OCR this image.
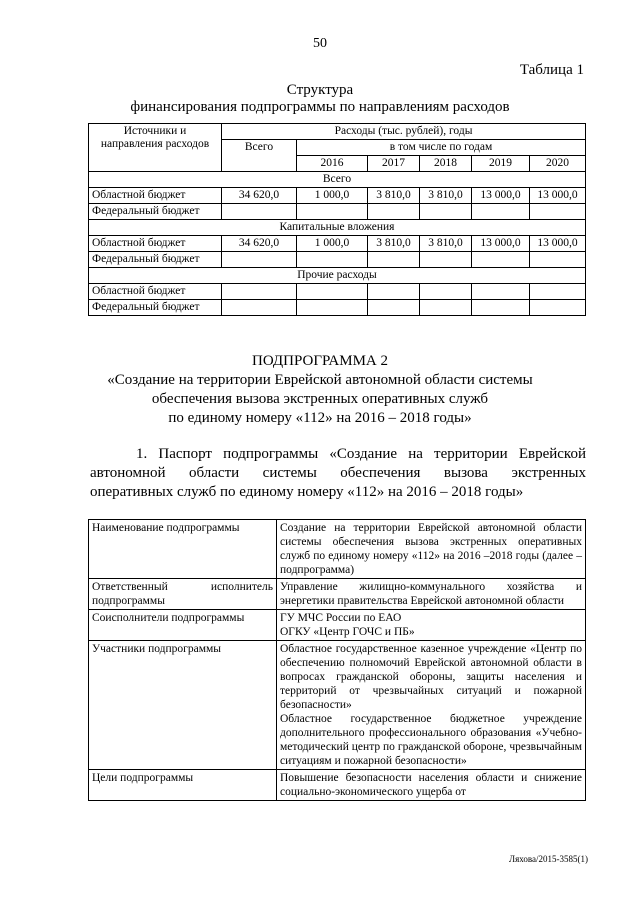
50
Таблица 1
Структура
финансирования подпрограммы по направлениям расходов
Источники и направления расходов	Расходы (тыс. рублей), годы					
	Всего	в том числе по годам				
		2016	2017	2018	2019	2020
Всего						
Областной бюджет	34 620,0	1 000,0	3 810,0	3 810,0	13 000,0	13 000,0
Федеральный бюджет						
Капитальные вложения						
Областной бюджет	34 620,0	1 000,0	3 810,0	3 810,0	13 000,0	13 000,0
Федеральный бюджет						
Прочие расходы						
Областной бюджет						
Федеральный бюджет						
ПОДПРОГРАММА 2
«Создание на территории Еврейской автономной области системы
обеспечения вызова экстренных оперативных служб
по единому номеру «112» на 2016 – 2018 годы»

1. Паспорт подпрограммы «Создание на территории Еврейской

автономной области системы обеспечения вызова экстренных

оперативных служб по единому номеру «112» на 2016 – 2018 годы»

Наименование подпрограммы	Создание на территории Еврейской автономной области системы обеспечения вызова экстренных оперативных служб по единому номеру «112» на 2016 –2018 годы (далее – подпрограмма)

Ответственный исполнитель подпрограммы	Управление жилищно-коммунального хозяйства и энергетики правительства Еврейской автономной области

Соисполнители подпрограммы	ГУ МЧС России по ЕАО
ОГКУ «Центр ГОЧС и ПБ»

Участники подпрограммы	Областное государственное казенное учреждение «Центр по обеспечению полномочий Еврейской автономной области в вопросах гражданской обороны, защиты населения и территорий от чрезвычайных ситуаций и пожарной безопасности»
Областное государственное бюджетное учреждение дополнительного профессионального образования «Учебно-методический центр по гражданской обороне, чрезвычайным ситуациям и пожарной безопасности»

Цели подпрограммы	Повышение безопасности населения области и снижение социально-экономического ущерба от
Ляхова/2015-3585(1)
